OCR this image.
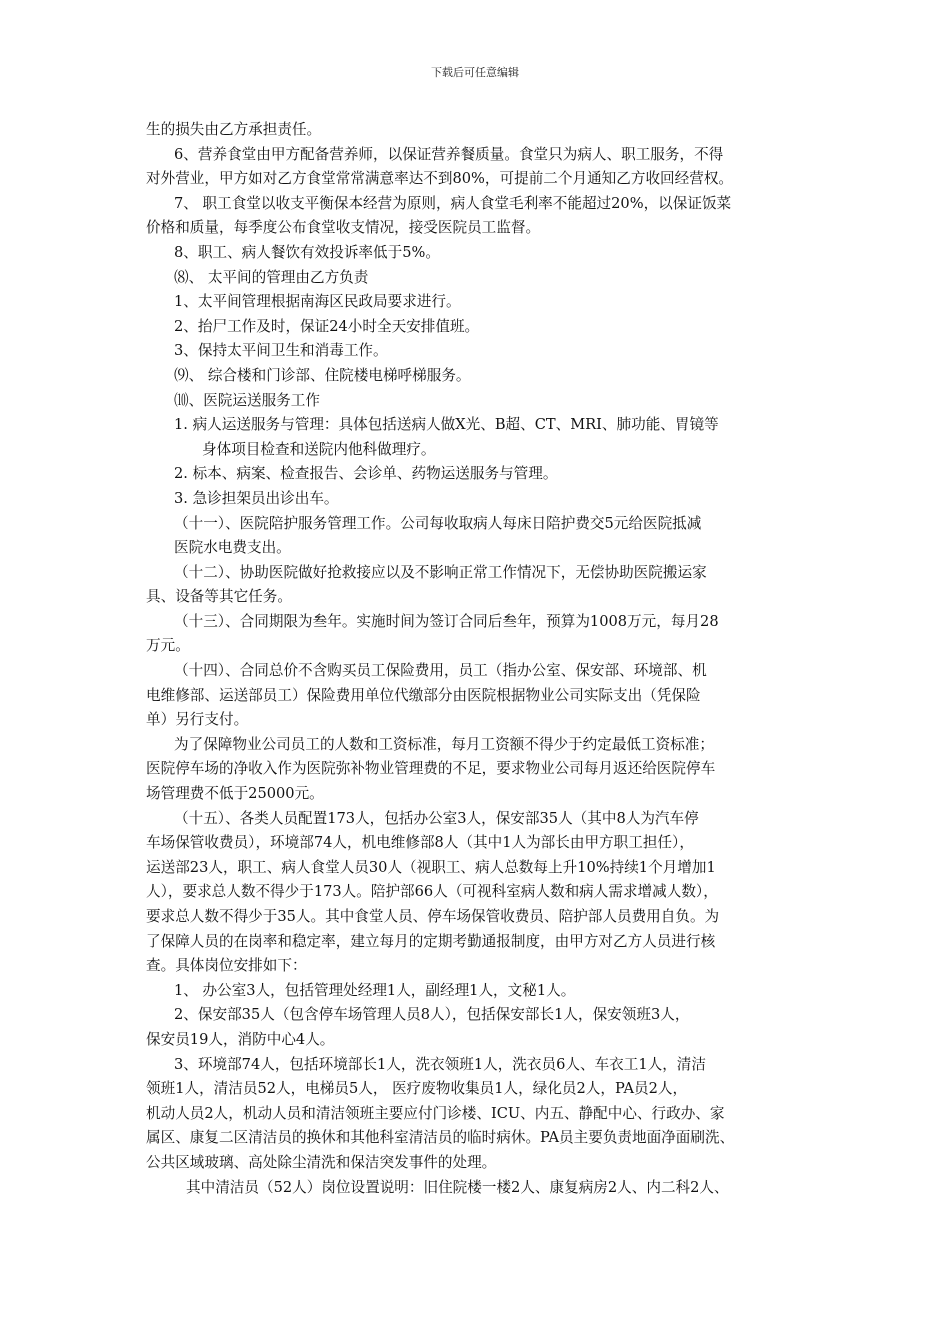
下载后可任意编辑
生的损失由乙方承担责任。
6、营养食堂由甲方配备营养师，以保证营养餐质量。食堂只为病人、职工服务，不得
对外营业，甲方如对乙方食堂常常满意率达不到80%，可提前二个月通知乙方收回经营权。
7、 职工食堂以收支平衡保本经营为原则，病人食堂毛利率不能超过20%，以保证饭菜
价格和质量，每季度公布食堂收支情况，接受医院员工监督。
8、职工、病人餐饮有效投诉率低于5%。
⑻、 太平间的管理由乙方负责
1、太平间管理根据南海区民政局要求进行。
2、抬尸工作及时，保证24小时全天安排值班。
3、保持太平间卫生和消毒工作。
⑼、 综合楼和门诊部、住院楼电梯呼梯服务。
⑽、医院运送服务工作
1. 病人运送服务与管理：具体包括送病人做X光、B超、CT、MRI、肺功能、胃镜等
身体项目检查和送院内他科做理疗。
2. 标本、病案、检查报告、会诊单、药物运送服务与管理。
3. 急诊担架员出诊出车。
（十一）、医院陪护服务管理工作。公司每收取病人每床日陪护费交5元给医院抵减
医院水电费支出。
（十二）、协助医院做好抢救接应以及不影响正常工作情况下，无偿协助医院搬运家
具、设备等其它任务。
（十三）、合同期限为叁年。实施时间为签订合同后叁年，预算为1008万元，每月28
万元。
（十四）、合同总价不含购买员工保险费用，员工（指办公室、保安部、环境部、机
电维修部、运送部员工）保险费用单位代缴部分由医院根据物业公司实际支出（凭保险
单）另行支付。
为了保障物业公司员工的人数和工资标准，每月工资额不得少于约定最低工资标准；
医院停车场的净收入作为医院弥补物业管理费的不足，要求物业公司每月返还给医院停车
场管理费不低于25000元。
（十五）、各类人员配置173人，包括办公室3人，保安部35人（其中8人为汽车停
车场保管收费员），环境部74人，机电维修部8人（其中1人为部长由甲方职工担任），
运送部23人，职工、病人食堂人员30人（视职工、病人总数每上升10%持续1个月增加1
人），要求总人数不得少于173人。陪护部66人（可视科室病人数和病人需求增减人数），
要求总人数不得少于35人。其中食堂人员、停车场保管收费员、陪护部人员费用自负。为
了保障人员的在岗率和稳定率，建立每月的定期考勤通报制度，由甲方对乙方人员进行核
查。具体岗位安排如下：
1、 办公室3人，包括管理处经理1人，副经理1人，文秘1人。
2、保安部35人（包含停车场管理人员8人），包括保安部长1人，保安领班3人，
保安员19人，消防中心4人。
3、环境部74人，包括环境部长1人，洗衣领班1人，洗衣员6人、车衣工1人，清洁
领班1人，清洁员52人，电梯员5人， 医疗废物收集员1人，绿化员2人，PA员2人，
机动人员2人，机动人员和清洁领班主要应付门诊楼、ICU、内五、静配中心、行政办、家
属区、康复二区清洁员的换休和其他科室清洁员的临时病休。PA员主要负责地面净面刷洗、
公共区域玻璃、高处除尘清洗和保洁突发事件的处理。
其中清洁员（52人）岗位设置说明：旧住院楼一楼2人、康复病房2人、内二科2人、
